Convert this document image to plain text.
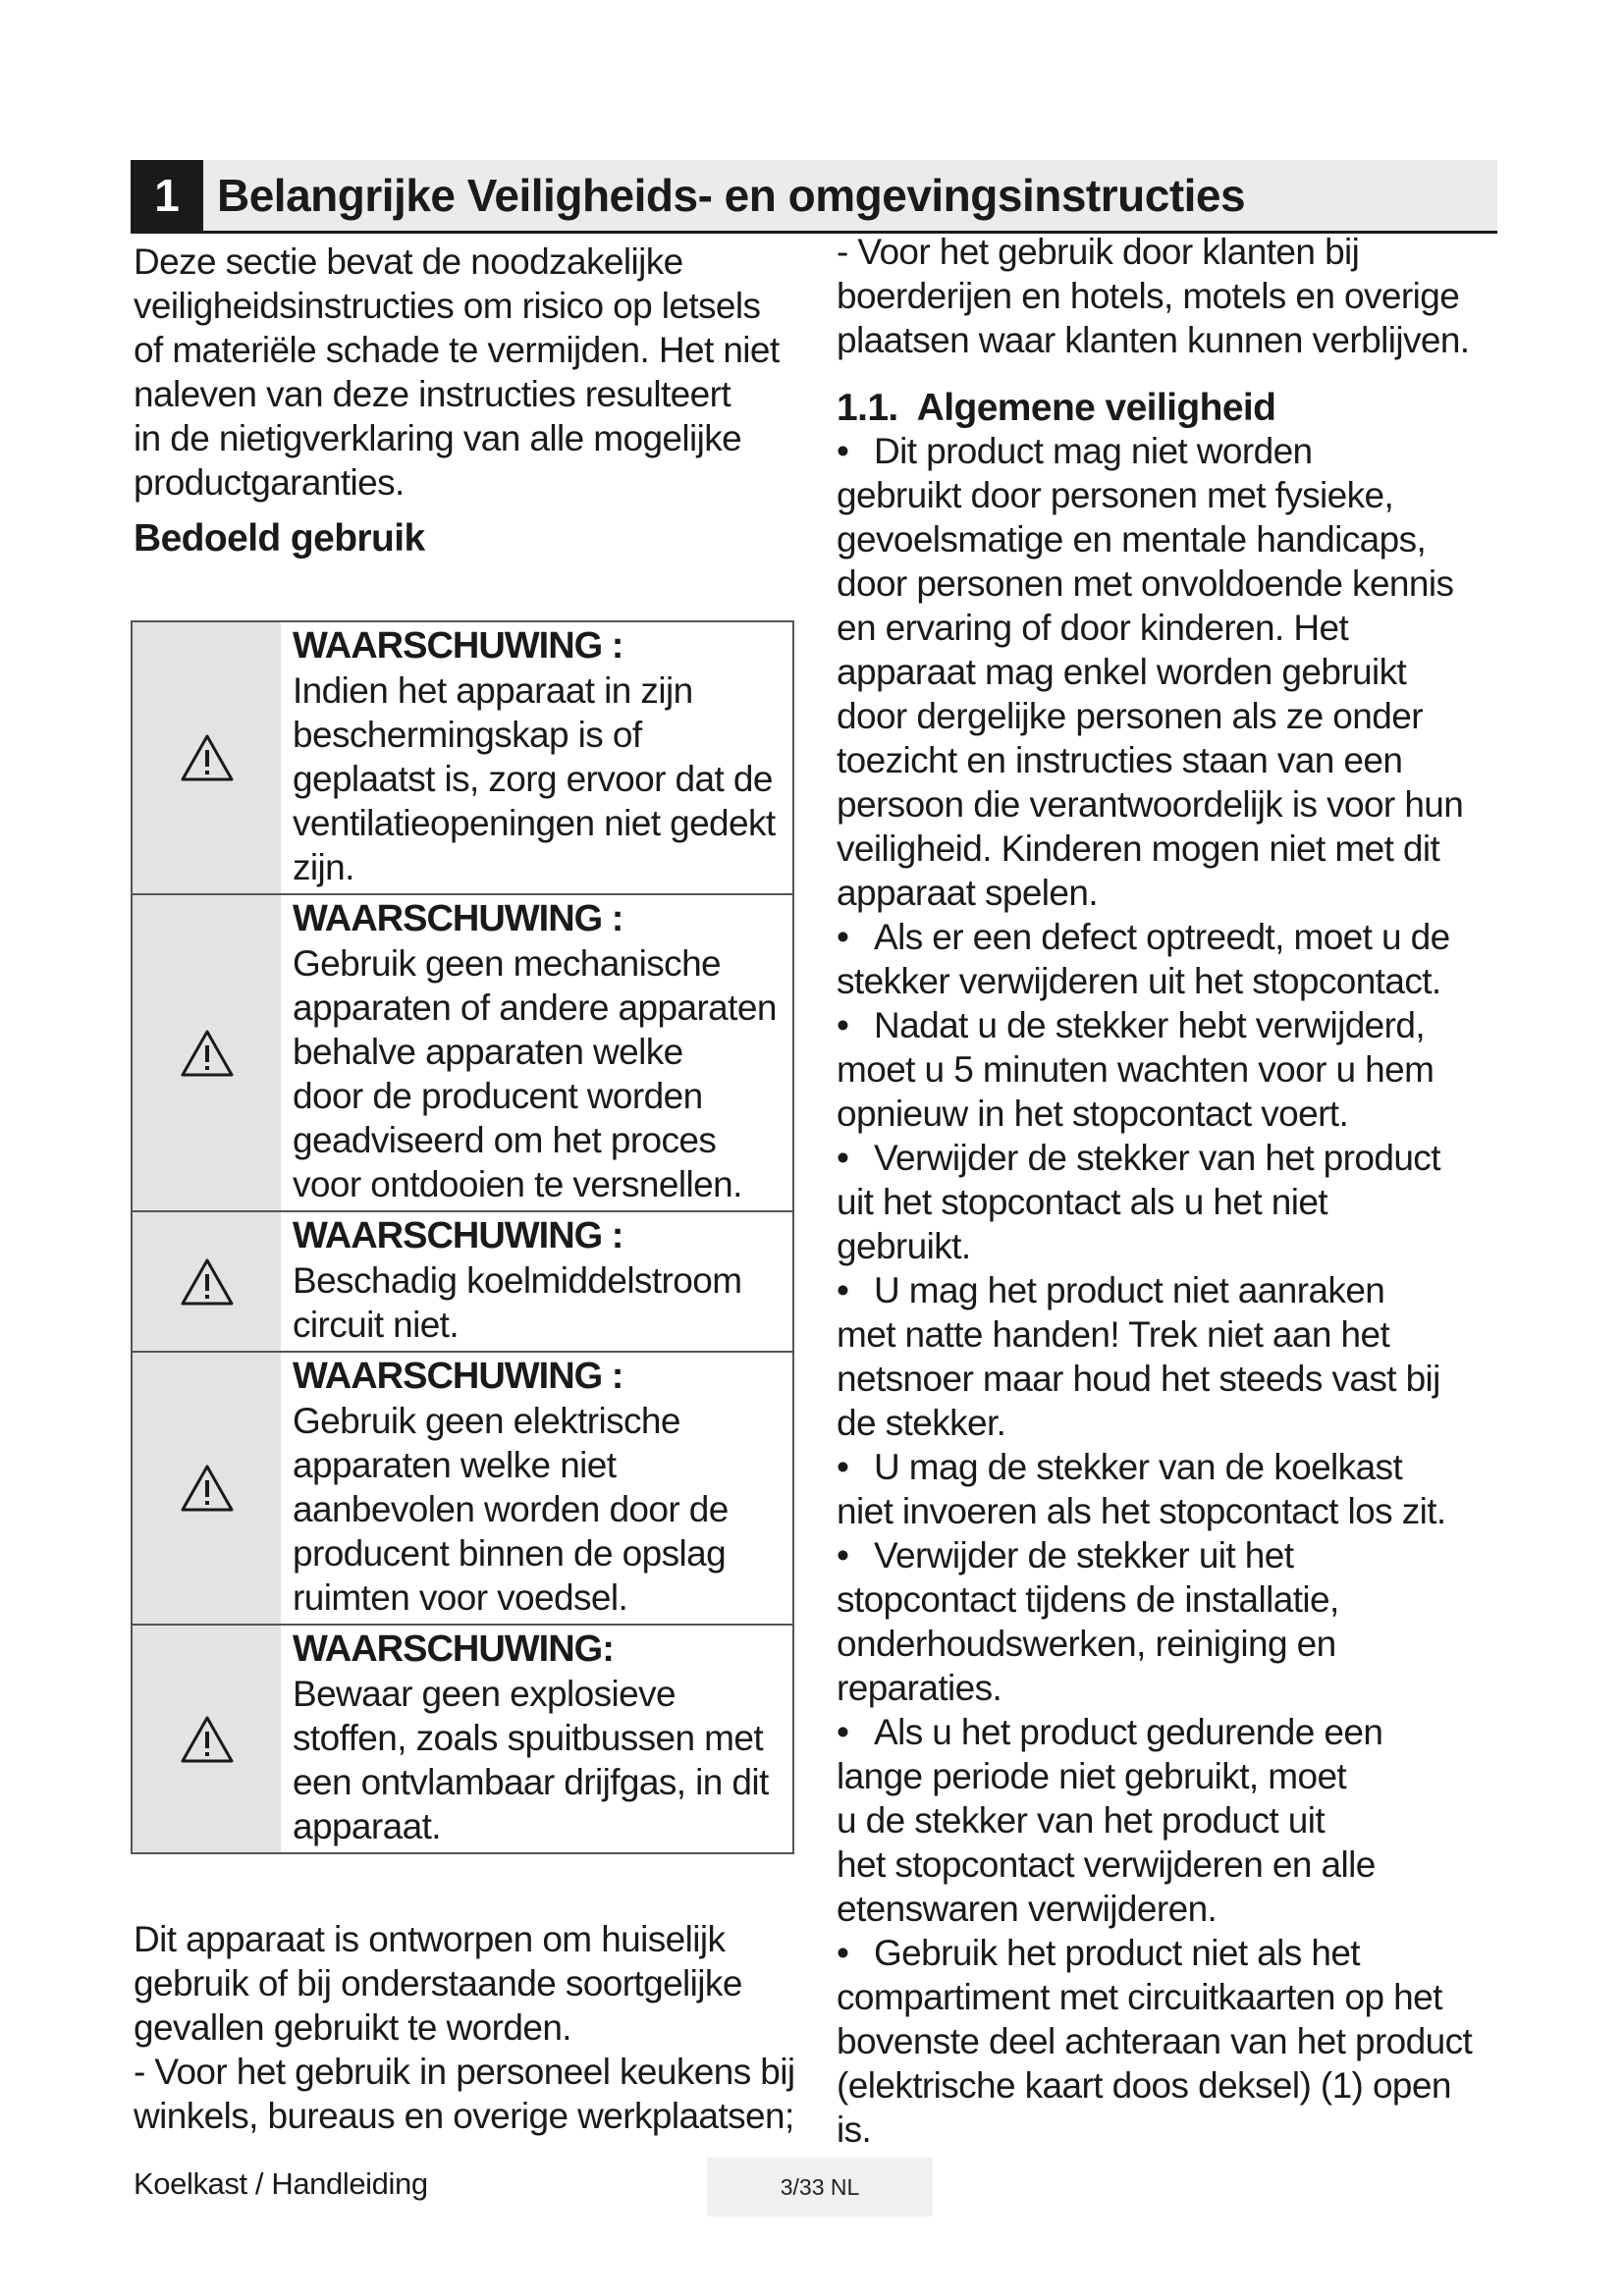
1 Belangrijke Veiligheids- en omgevingsinstructies

Deze sectie bevat de noodzakelijke

veiligheidsinstructies om risico op letsels

of materiële schade te vermijden. Het niet

naleven van deze instructies resulteert

in de nietigverklaring van alle mogelijke

productgaranties.

Bedoeld gebruik

WAARSCHUWING :

Indien het apparaat in zijn

beschermingskap is of

geplaatst is, zorg ervoor dat de

ventilatieopeningen niet gedekt

zijn.

WAARSCHUWING :

Gebruik geen mechanische

apparaten of andere apparaten

behalve apparaten welke

door de producent worden

geadviseerd om het proces

voor ontdooien te versnellen.

WAARSCHUWING :

Beschadig koelmiddelstroom

circuit niet.

WAARSCHUWING :

Gebruik geen elektrische

apparaten welke niet

aanbevolen worden door de

producent binnen de opslag

ruimten voor voedsel.

WAARSCHUWING:

Bewaar geen explosieve

stoffen, zoals spuitbussen met

een ontvlambaar drijfgas, in dit

apparaat.

Dit apparaat is ontworpen om huiselijk

gebruik of bij onderstaande soortgelijke

gevallen gebruikt te worden.

- Voor het gebruik in personeel keukens bij

winkels, bureaus en overige werkplaatsen;

- Voor het gebruik door klanten bij

boerderijen en hotels, motels en overige

plaatsen waar klanten kunnen verblijven.

1.1.  Algemene veiligheid

• Dit product mag niet worden

gebruikt door personen met fysieke,

gevoelsmatige en mentale handicaps,

door personen met onvoldoende kennis

en ervaring of door kinderen. Het

apparaat mag enkel worden gebruikt

door dergelijke personen als ze onder

toezicht en instructies staan van een

persoon die verantwoordelijk is voor hun

veiligheid. Kinderen mogen niet met dit

apparaat spelen.

• Als er een defect optreedt, moet u de

stekker verwijderen uit het stopcontact.

• Nadat u de stekker hebt verwijderd,

moet u 5 minuten wachten voor u hem

opnieuw in het stopcontact voert.

• Verwijder de stekker van het product

uit het stopcontact als u het niet

gebruikt.

• U mag het product niet aanraken

met natte handen! Trek niet aan het

netsnoer maar houd het steeds vast bij

de stekker.

• U mag de stekker van de koelkast

niet invoeren als het stopcontact los zit.

• Verwijder de stekker uit het

stopcontact tijdens de installatie,

onderhoudswerken, reiniging en

reparaties.

• Als u het product gedurende een

lange periode niet gebruikt, moet

u de stekker van het product uit

het stopcontact verwijderen en alle

etenswaren verwijderen.

• Gebruik het product niet als het

compartiment met circuitkaarten op het

bovenste deel achteraan van het product

(elektrische kaart doos deksel) (1) open

is.

Koelkast / Handleiding	3/33 NL
